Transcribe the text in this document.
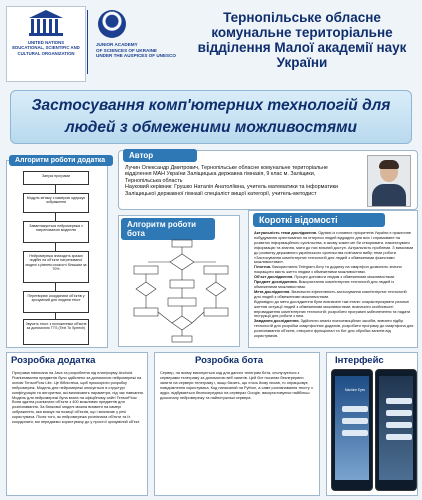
UNITED NATIONS
EDUCATIONAL, SCIENTIFIC AND
CULTURAL ORGANIZATION
JUNIOR ACADEMY
OF SCIENCES OF UKRAINE
UNDER THE AUSPICES OF UNESCO
Тернопільське обласне комунальне територіальне відділення Малої академії наук України
Застосування комп'ютерних технологій для людей з обмеженими можливостями
Алгоритм роботи додатка
Запуск програми
Модуль зв'язку з камерою одержує зображення
Завантажується нейромережа з натренованою моделлю
Нейромережа знаходить зразки подібні на об'єкти натренованої моделі з рівнем схожості більшим за 70%
Перетворює координати об'єктів у зрозумілий для людини текст
Звучить текст з положенням об'єктів за допомогою TTS (Text To Speech)
Автор
Лучин Олександр Дмитрович, Тернопільське обласне комунальне територіальне
відділення МАН України Заліщицька державна гімназія, 9 клас м. Заліщики,
Тернопільська область
Науковий керівник: Грушко Наталія Анатоліївна, учитель математики та інформатики
Заліщицької державної гімназії спеціаліст вищої категорії, учитель-методист
Алгоритм роботи бота
Короткі відомості
Актуальність теми дослідження. Однією із головних пріоритетів України є практичне побудування орієнтованих на інтереси людей відрадніх для всіх і спрямоване на розвиток інформаційного суспільства, в якому кожен міг би створювати, накопичувати інформацію та знання, мати до них вільний доступ. Актуальність проблеми. З вимогами до розвитку державного українського суспільства пов'язано вибір теми роботи «Застосування комп'ютерних технологій для людей з обмеженими фізичними можливостями».
Гіпотеза. Використання Telegram-боту та додатку на смартфон дозволить значно покращити якість життя людям з обмеженими можливостями.
Об'єкт дослідження. Процес допомоги людям з обмеженими можливостями.
Предмет дослідження. Використання комп'ютерних технологій для людей із обмеженими можливостями.
Мета дослідження. Визначити ефективність застосування комп'ютерних технологій для людей з обмеженими можливостями.
Відповідно до мети дослідження були визначені такі етапи: охарактеризувати реальні життєві ситуації людей з обмеженими можливостями; визначити особливості впровадження комп'ютерних технологій; розробити програмні забезпечення та надати інструкції для роботи з ним.
Завдання дослідження. Здійснити аналіз психоемоційних засобів, вивчити підбір технологій для розробки смартфонних додатків, розробити програму до смартфона для розпізнавання об'єктів, створити функціонал та бот для обробки запитів від користувачів.
Розробка додатка
Програма написана на Java та розроблена під платформу Android. Розпізнавання предметів було здійснено за допомогою нейромережі на основі TensorFlow Lite. Це бібліотека, щоб прискорити розробку нейромереж. Модель для нейромережі описується в структурі конфігурацію та алгоритми, які визначають параметри, під час навчання. Модель для нейромережі була взята на офіційному сайті TensorFlow. Вона здатна розпізнати об'єкти з 400 можливих предметів для розпізнавання. За банкової моделі можна виявити на камері зображення, яка вказує на позиції об'єктів, що і визначає у речі користувача. Після того, як нейромережа розпізнала об'єкти та їх координати, ми передаємо користувачу до у простої зрозумілий об'єкт.
Розробка бота
Сервер, на якому виконується код для даного телеграм бота, сполучується з серверами телеграму за допомогою веб запитів. Цей бот посилає безперервно запити на сервери телеграму і, якщо бачить, що хтось йому писав, то опрацьовує повідомлення користувача. Код написаний на Python, а саме розпізнавання тексту з аудіо, відбувається безпосередньо на серверах Google, використовуючи найбільш досконалу нейромережу та найпотужніші сервера.
Інтерфейс
Machine Eyes
